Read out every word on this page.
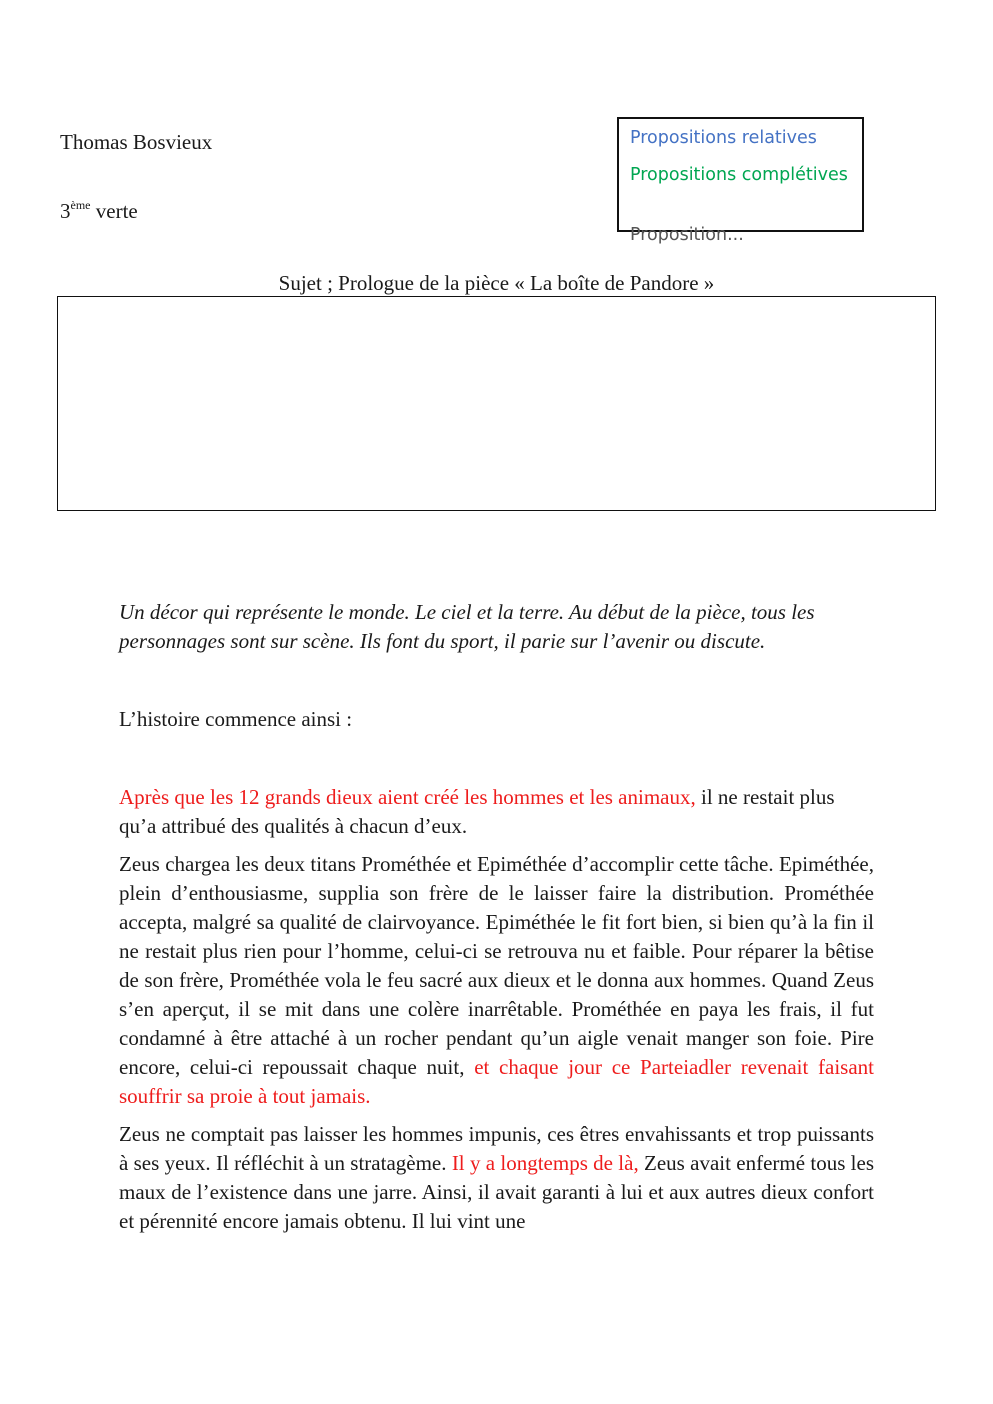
Thomas Bosvieux
3ème verte
Propositions relatives
Propositions complétives
Proposition...
Sujet ; Prologue de la pièce « La boîte de Pandore »

Un décor qui représente le monde. Le ciel et la terre. Au début de la pièce, tous les personnages sont sur scène. Ils font du sport, il parie sur l’avenir ou discute.

L’histoire commence ainsi :

Après que les 12 grands dieux aient créé les hommes et les animaux, il ne restait plus qu’a attribué des qualités à chacun d’eux.

Zeus chargea les deux titans Prométhée et Epiméthée d’accomplir cette tâche. Epiméthée, plein d’enthousiasme, supplia son frère de le laisser faire la distribution. Prométhée accepta, malgré sa qualité de clairvoyance. Epiméthée le fit fort bien, si bien qu’à la fin il ne restait plus rien pour l’homme, celui-ci se retrouva nu et faible. Pour réparer la bêtise de son frère, Prométhée vola le feu sacré aux dieux et le donna aux hommes. Quand Zeus s’en aperçut, il se mit dans une colère inarrêtable. Prométhée en paya les frais, il fut condamné à être attaché à un rocher pendant qu’un aigle venait manger son foie. Pire encore, celui-ci repoussait chaque nuit, et chaque jour ce Parteiadler revenait faisant souffrir sa proie à tout jamais.

Zeus ne comptait pas laisser les hommes impunis, ces êtres envahissants et trop puissants à ses yeux. Il réfléchit à un stratagème. Il y a longtemps de là, Zeus avait enfermé tous les maux de l’existence dans une jarre. Ainsi, il avait garanti à lui et aux autres dieux confort et pérennité encore jamais obtenu. Il lui vint une
